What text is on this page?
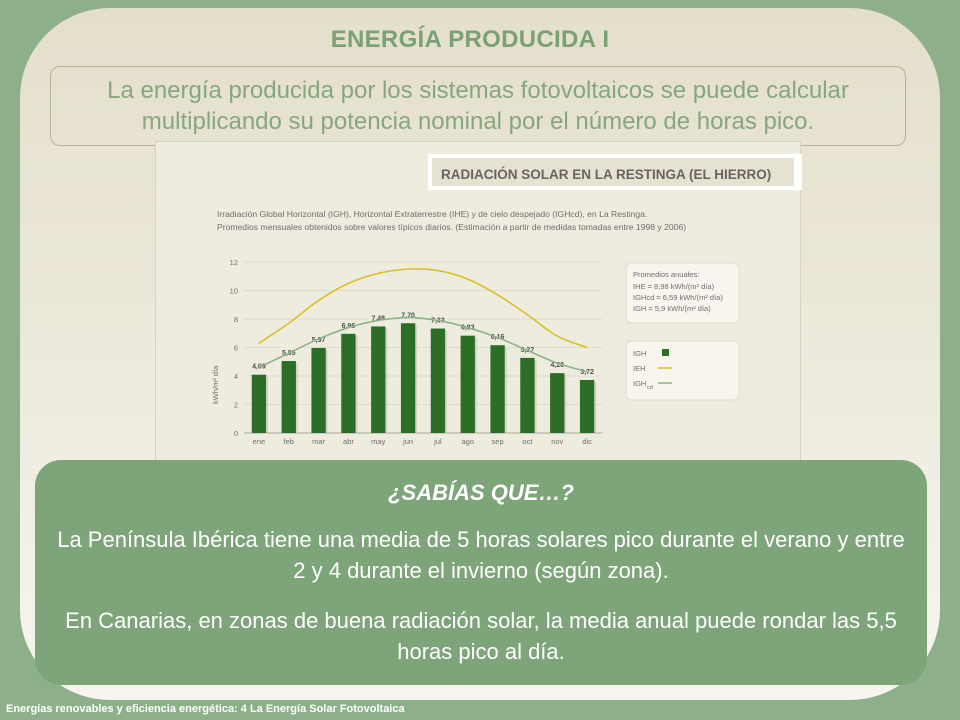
ENERGÍA PRODUCIDA I
La energía producida por los sistemas fotovoltaicos se puede calcular multiplicando su potencia nominal por el número de horas pico.
RADIACIÓN SOLAR EN LA RESTINGA (EL HIERRO)
Irradiación Global Horizontal (IGH), Horizontal Extraterrestre (IHE) y de cielo despejado (IGHcd), en La Restinga.
Promedios mensuales obtenidos sobre valores típicos diarios. (Estimación a partir de medidas tomadas entre 1998 y 2006)
kWh/m² día
0
2
4
6
8
10
12
4,09
ene
5,05
feb
5,97
mar
6,96
abr
7,48
may
7,70
jun
7,33
jul
6,83
ago
6,16
sep
5,27
oct
4,20
nov
3,72
dic
Promedios anuales:
IHE = 8,98 kWh/(m² día)
IGHcd = 6,59 kWh/(m² día)
IGH = 5,9 kWh/(m² día)
IGH
IEH
IGH cd
¿SABÍAS QUE…?
La Península Ibérica tiene una media de 5 horas solares pico durante el verano y entre 2 y 4 durante el invierno (según zona).
En Canarias, en zonas de buena radiación solar, la media anual puede rondar las 5,5 horas pico al día.
Energías renovables y eficiencia energética: 4 La Energía Solar Fotovoltaica
